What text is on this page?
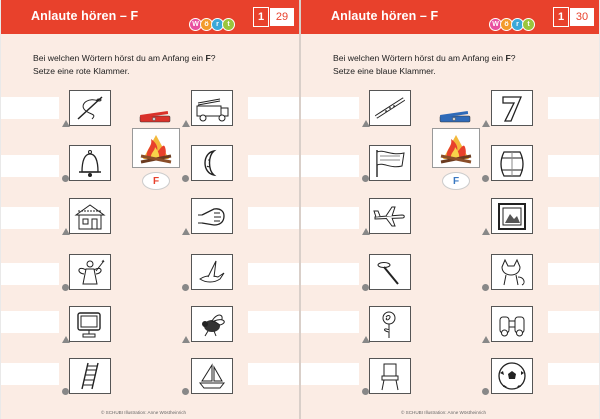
Anlaute hören – F
W ö	r	t
1	29
Bei welchen Wörtern hörst du am Anfang ein F?
Setze eine rote Klammer.
✦
F
© SCHUBI Illustration: Anne Wöstheinrich
Anlaute hören – F
W ö	r	t
1	30
Bei welchen Wörtern hörst du am Anfang ein F?
Setze eine blaue Klammer.
F
© SCHUBI Illustration: Anne Wöstheinrich
